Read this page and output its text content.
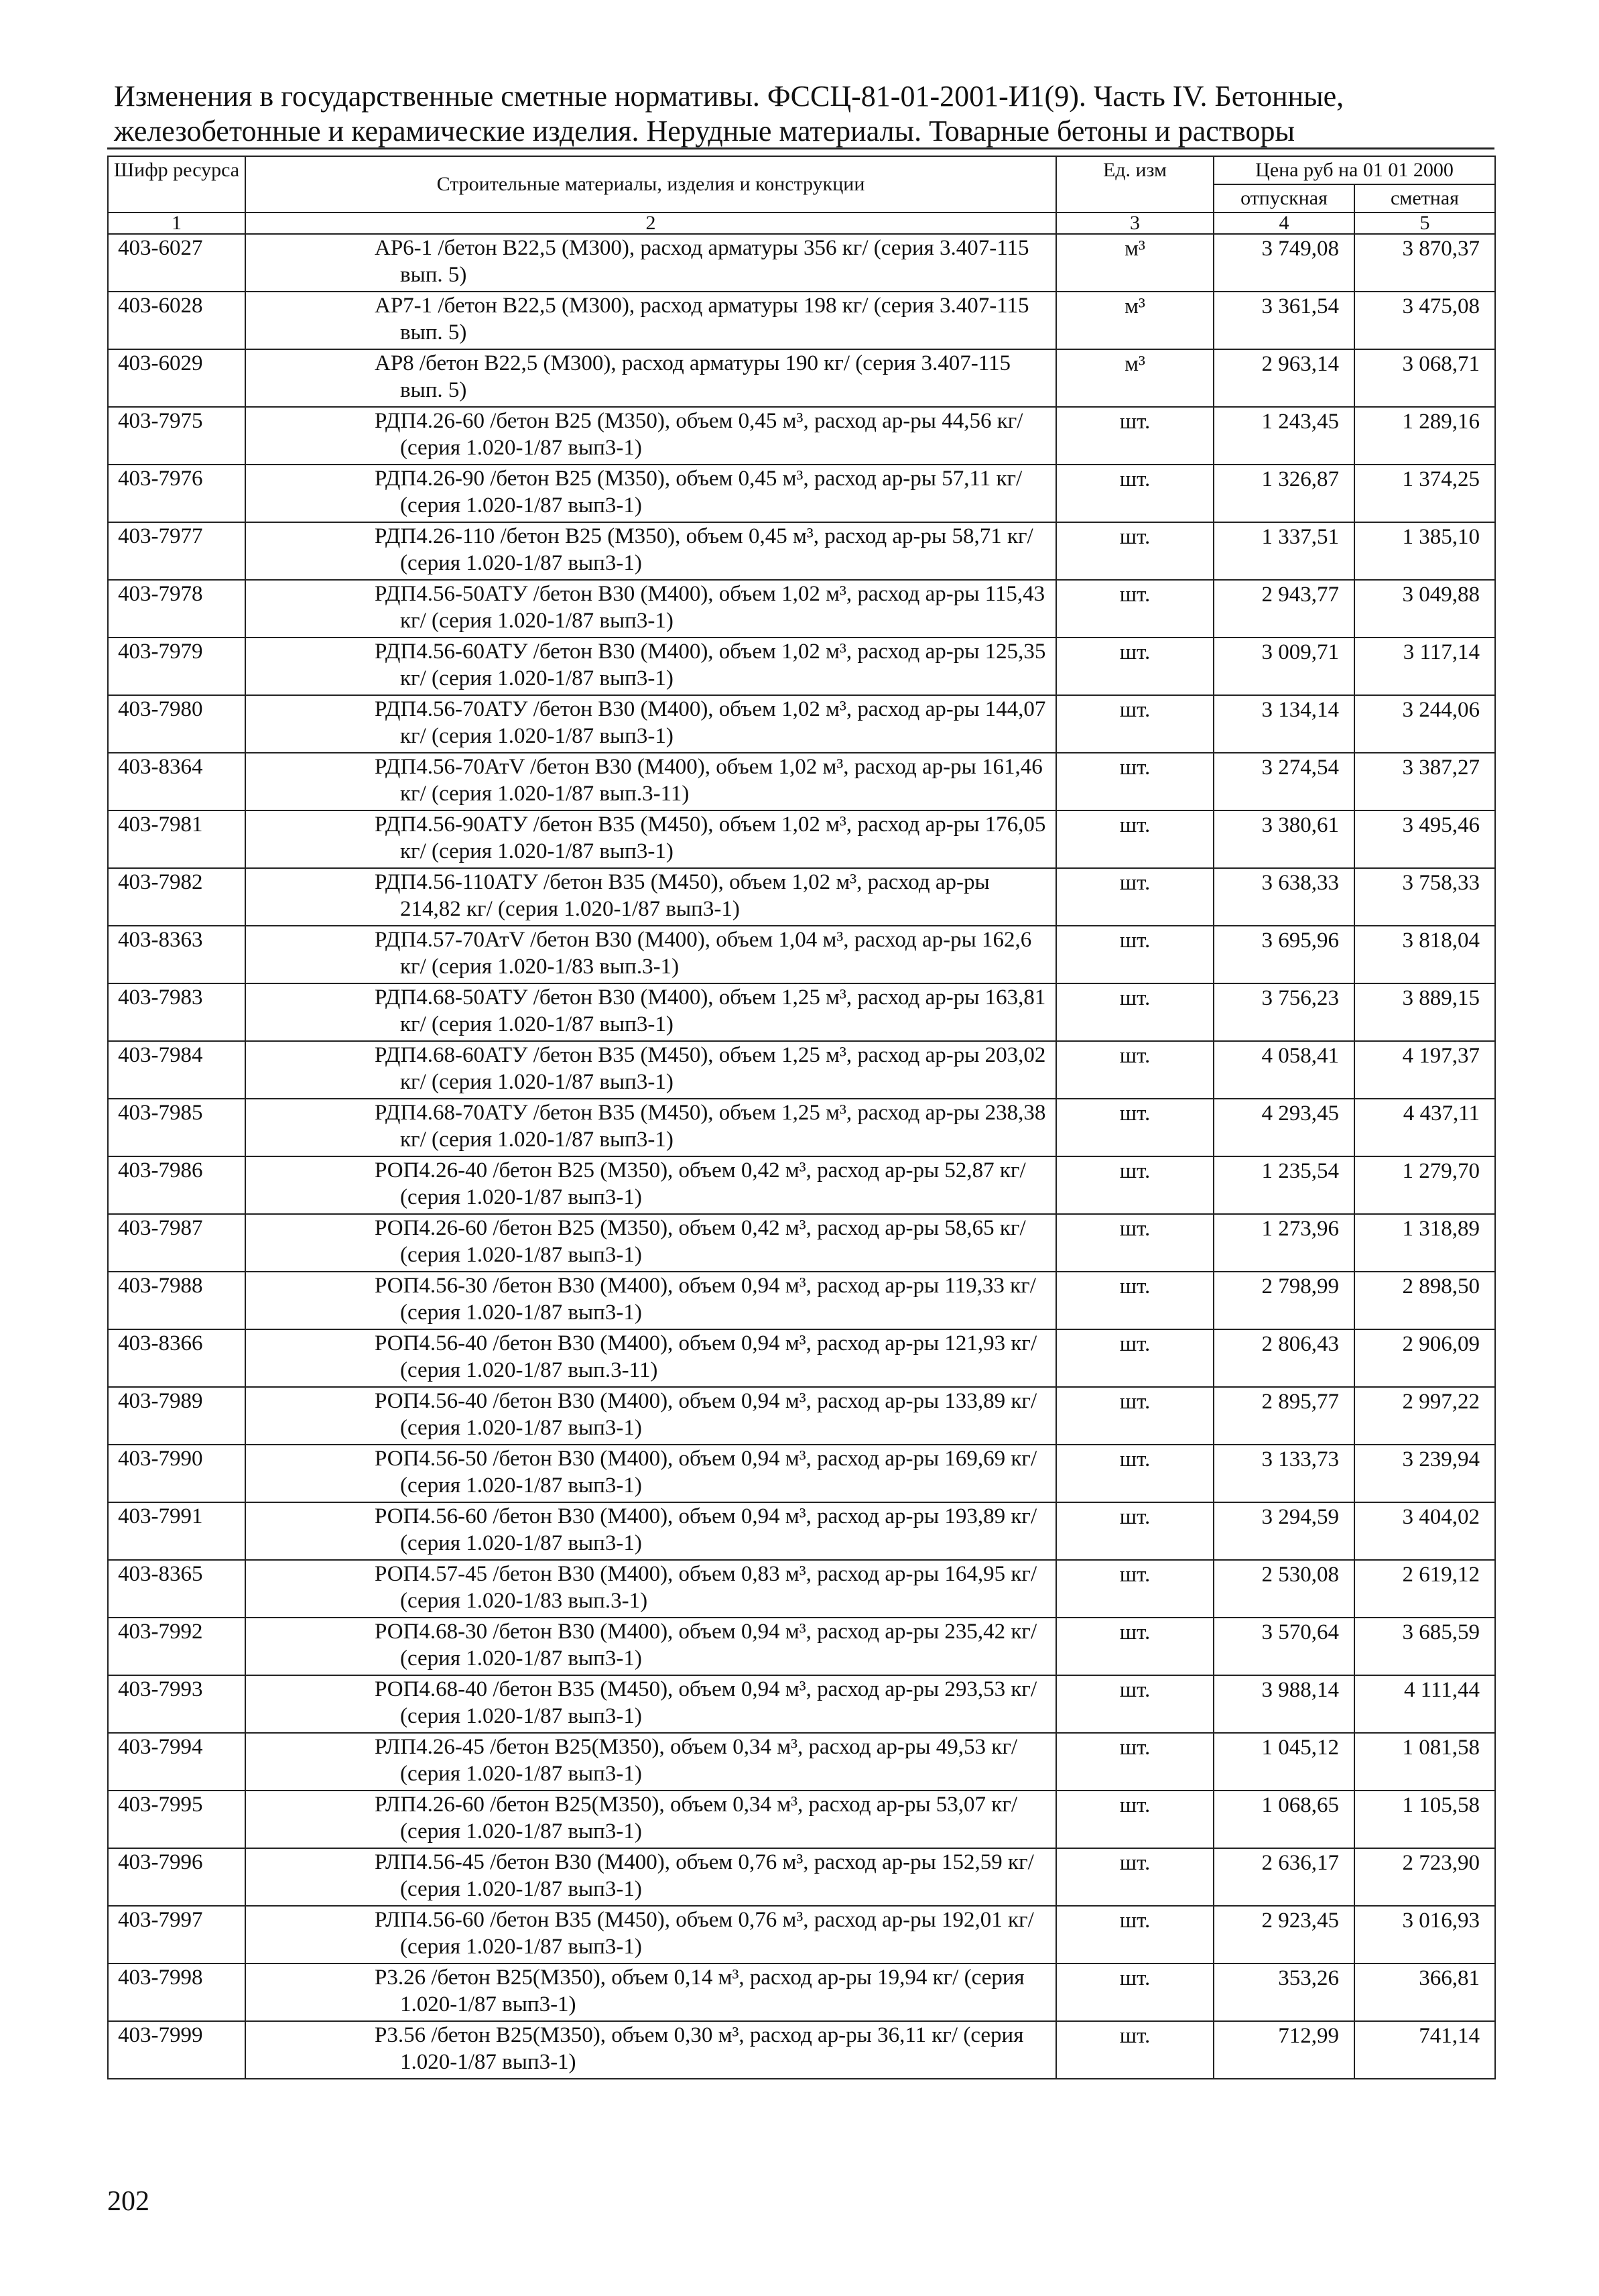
Изменения в государственные сметные нормативы. ФССЦ-81-01-2001-И1(9). Часть IV. Бетонные, железобетонные и керамические изделия. Нерудные материалы. Товарные бетоны и растворы
Шифр ресурса	Строительные материалы, изделия и конструкции	Ед. изм	Цена руб на 01 01 2000	
			отпускная	сметная
1	2	3	4	5
403-6027	АР6-1 /бетон В22,5 (М300), расход арматуры 356 кг/ (серия 3.407-115 вып. 5)	м³	3 749,08	3 870,37
403-6028	АР7-1 /бетон В22,5 (М300), расход арматуры 198 кг/ (серия 3.407-115 вып. 5)	м³	3 361,54	3 475,08
403-6029	АР8 /бетон В22,5 (М300), расход арматуры 190 кг/ (серия 3.407-115 вып. 5)	м³	2 963,14	3 068,71
403-7975	РДП4.26-60 /бетон В25 (М350), объем 0,45 м³, расход ар-ры 44,56 кг/ (серия 1.020-1/87 вып3-1)	шт.	1 243,45	1 289,16
403-7976	РДП4.26-90 /бетон В25 (М350), объем 0,45 м³, расход ар-ры 57,11 кг/ (серия 1.020-1/87 вып3-1)	шт.	1 326,87	1 374,25
403-7977	РДП4.26-110 /бетон В25 (М350), объем 0,45 м³, расход ар-ры 58,71 кг/ (серия 1.020-1/87 вып3-1)	шт.	1 337,51	1 385,10
403-7978	РДП4.56-50АТУ /бетон В30 (М400), объем 1,02 м³, расход ар-ры 115,43 кг/ (серия 1.020-1/87 вып3-1)	шт.	2 943,77	3 049,88
403-7979	РДП4.56-60АТУ /бетон В30 (М400), объем 1,02 м³, расход ар-ры 125,35 кг/ (серия 1.020-1/87 вып3-1)	шт.	3 009,71	3 117,14
403-7980	РДП4.56-70АТУ /бетон В30 (М400), объем 1,02 м³, расход ар-ры 144,07 кг/ (серия 1.020-1/87 вып3-1)	шт.	3 134,14	3 244,06
403-8364	РДП4.56-70АтV /бетон В30 (М400), объем 1,02 м³, расход ар-ры 161,46 кг/ (серия 1.020-1/87 вып.3-11)	шт.	3 274,54	3 387,27
403-7981	РДП4.56-90АТУ /бетон В35 (М450), объем 1,02 м³, расход ар-ры 176,05 кг/ (серия 1.020-1/87 вып3-1)	шт.	3 380,61	3 495,46
403-7982	РДП4.56-110АТУ /бетон В35 (М450), объем 1,02 м³, расход ар-ры 214,82 кг/ (серия 1.020-1/87 вып3-1)	шт.	3 638,33	3 758,33
403-8363	РДП4.57-70АтV /бетон В30 (М400), объем 1,04 м³, расход ар-ры 162,6 кг/ (серия 1.020-1/83 вып.3-1)	шт.	3 695,96	3 818,04
403-7983	РДП4.68-50АТУ /бетон В30 (М400), объем 1,25 м³, расход ар-ры 163,81 кг/ (серия 1.020-1/87 вып3-1)	шт.	3 756,23	3 889,15
403-7984	РДП4.68-60АТУ /бетон В35 (М450), объем 1,25 м³, расход ар-ры 203,02 кг/ (серия 1.020-1/87 вып3-1)	шт.	4 058,41	4 197,37
403-7985	РДП4.68-70АТУ /бетон В35 (М450), объем 1,25 м³, расход ар-ры 238,38 кг/ (серия 1.020-1/87 вып3-1)	шт.	4 293,45	4 437,11
403-7986	РОП4.26-40 /бетон В25 (М350), объем 0,42 м³, расход ар-ры 52,87 кг/ (серия 1.020-1/87 вып3-1)	шт.	1 235,54	1 279,70
403-7987	РОП4.26-60 /бетон В25 (М350), объем 0,42 м³, расход ар-ры 58,65 кг/ (серия 1.020-1/87 вып3-1)	шт.	1 273,96	1 318,89
403-7988	РОП4.56-30 /бетон В30 (М400), объем 0,94 м³, расход ар-ры 119,33 кг/ (серия 1.020-1/87 вып3-1)	шт.	2 798,99	2 898,50
403-8366	РОП4.56-40 /бетон В30 (М400), объем 0,94 м³, расход ар-ры 121,93 кг/ (серия 1.020-1/87 вып.3-11)	шт.	2 806,43	2 906,09
403-7989	РОП4.56-40 /бетон В30 (М400), объем 0,94 м³, расход ар-ры 133,89 кг/ (серия 1.020-1/87 вып3-1)	шт.	2 895,77	2 997,22
403-7990	РОП4.56-50 /бетон В30 (М400), объем 0,94 м³, расход ар-ры 169,69 кг/ (серия 1.020-1/87 вып3-1)	шт.	3 133,73	3 239,94
403-7991	РОП4.56-60 /бетон В30 (М400), объем 0,94 м³, расход ар-ры 193,89 кг/ (серия 1.020-1/87 вып3-1)	шт.	3 294,59	3 404,02
403-8365	РОП4.57-45 /бетон В30 (М400), объем 0,83 м³, расход ар-ры 164,95 кг/ (серия 1.020-1/83 вып.3-1)	шт.	2 530,08	2 619,12
403-7992	РОП4.68-30 /бетон В30 (М400), объем 0,94 м³, расход ар-ры 235,42 кг/ (серия 1.020-1/87 вып3-1)	шт.	3 570,64	3 685,59
403-7993	РОП4.68-40 /бетон В35 (М450), объем 0,94 м³, расход ар-ры 293,53 кг/ (серия 1.020-1/87 вып3-1)	шт.	3 988,14	4 111,44
403-7994	РЛП4.26-45 /бетон В25(М350), объем 0,34 м³, расход ар-ры 49,53 кг/ (серия 1.020-1/87 вып3-1)	шт.	1 045,12	1 081,58
403-7995	РЛП4.26-60 /бетон В25(М350), объем 0,34 м³, расход ар-ры 53,07 кг/ (серия 1.020-1/87 вып3-1)	шт.	1 068,65	1 105,58
403-7996	РЛП4.56-45 /бетон В30 (М400), объем 0,76 м³, расход ар-ры 152,59 кг/ (серия 1.020-1/87 вып3-1)	шт.	2 636,17	2 723,90
403-7997	РЛП4.56-60 /бетон В35 (М450), объем 0,76 м³, расход ар-ры 192,01 кг/ (серия 1.020-1/87 вып3-1)	шт.	2 923,45	3 016,93
403-7998	Р3.26 /бетон В25(М350), объем 0,14 м³, расход ар-ры 19,94 кг/ (серия 1.020-1/87 вып3-1)	шт.	353,26	366,81
403-7999	Р3.56 /бетон В25(М350), объем 0,30 м³, расход ар-ры 36,11 кг/ (серия 1.020-1/87 вып3-1)	шт.	712,99	741,14
202
